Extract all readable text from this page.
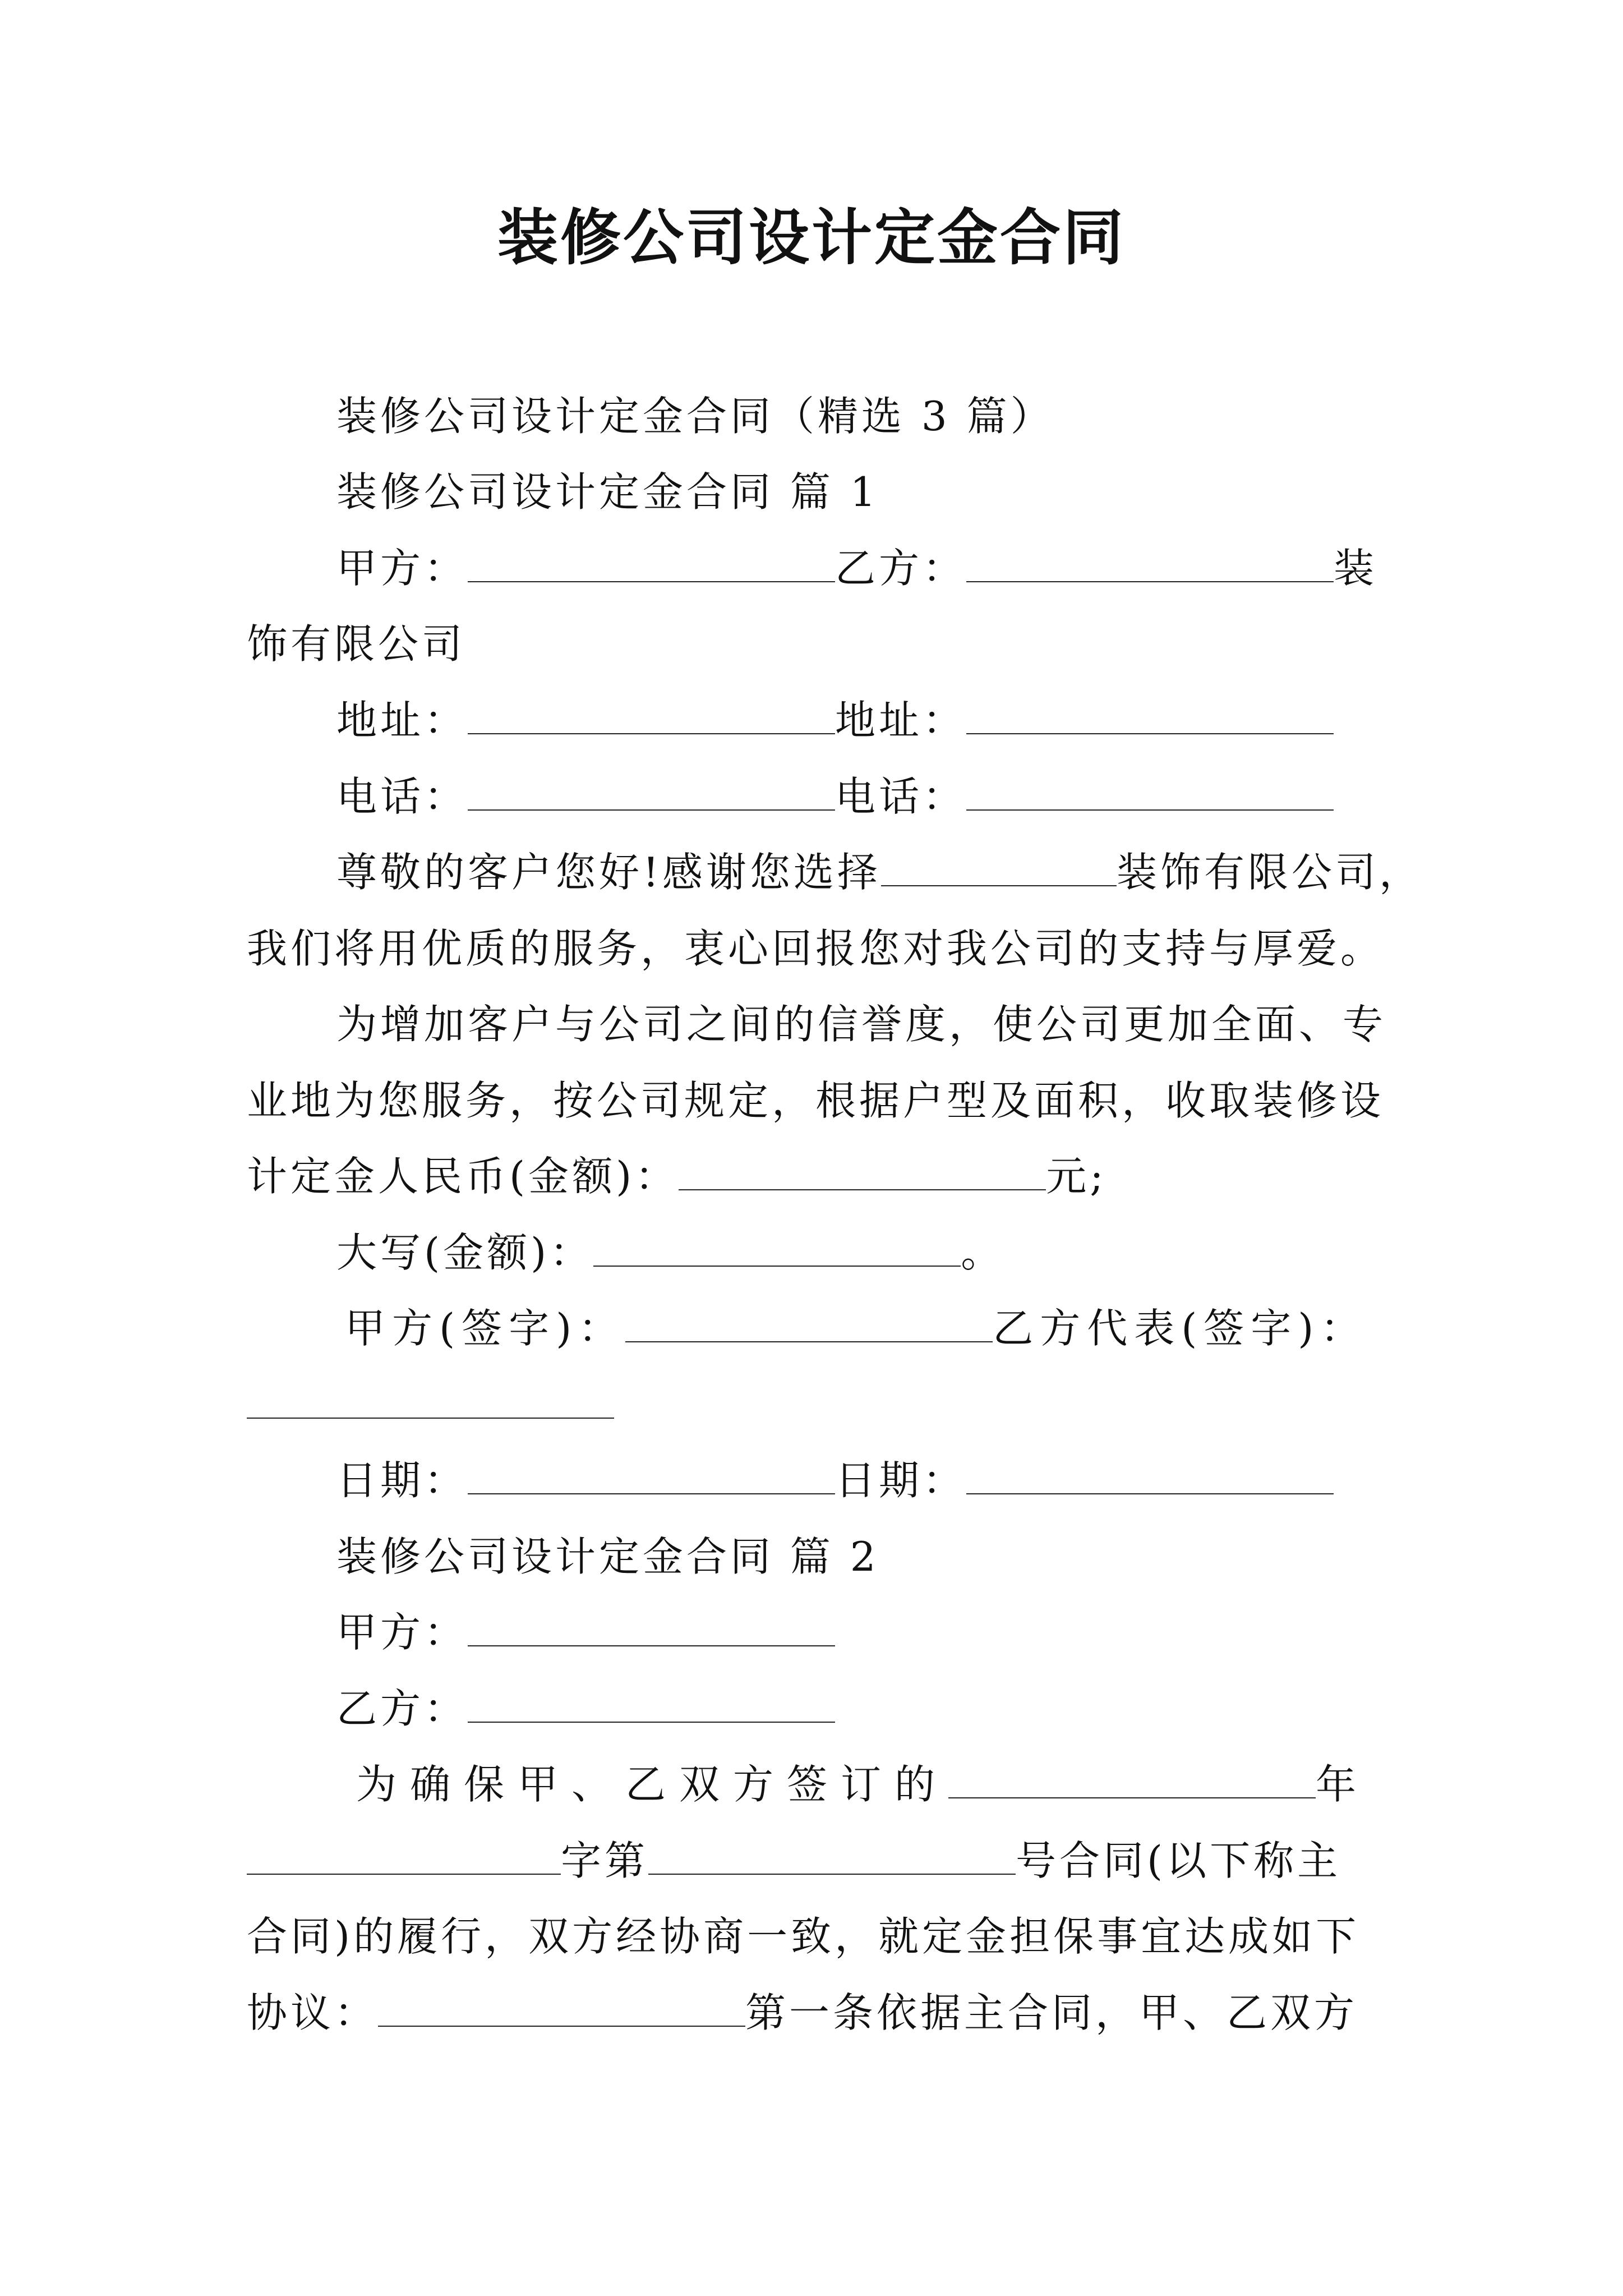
装修公司设计定金合同
装修公司设计定金合同（精选 3 篇）
装修公司设计定金合同 篇 1
甲方：	乙方：	装
饰有限公司
地址：	地址：
电话：	电话：
尊敬的客户您好!感谢您选择	装饰有限公司，
我们将用优质的服务，衷心回报您对我公司的支持与厚爱。
为增加客户与公司之间的信誉度，使公司更加全面、专
业地为您服务，按公司规定，根据户型及面积，收取装修设
计定金人民币(金额)：	元;
大写(金额)：	。
甲方(签字)：	乙方代表(签字)：
日期：	日期：
装修公司设计定金合同 篇 2
甲方：
乙方：
为确保甲、乙双方签订的	年
字第	号合同(以下称主
合同)的履行，双方经协商一致，就定金担保事宜达成如下
协议：	第一条依据主合同，甲、乙双方
